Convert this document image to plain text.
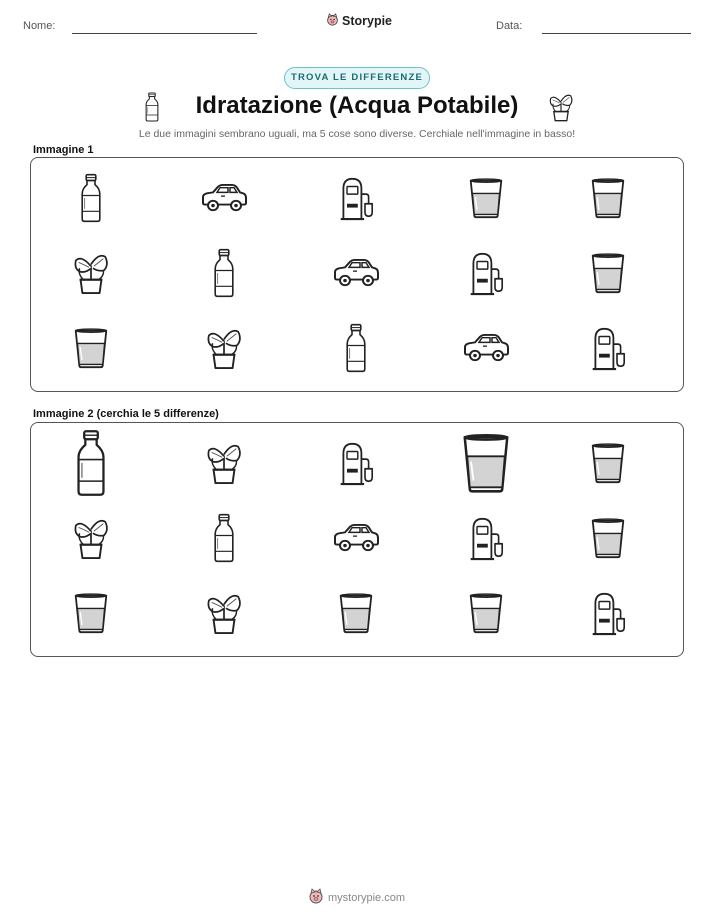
Nome:	Storypie	Data:
TROVA LE DIFFERENZE
Idratazione (Acqua Potabile)
Le due immagini sembrano uguali, ma 5 cose sono diverse. Cerchiale nell'immagine in basso!
Immagine 1
Immagine 2 (cerchia le 5 differenze)
mystorypie.com
